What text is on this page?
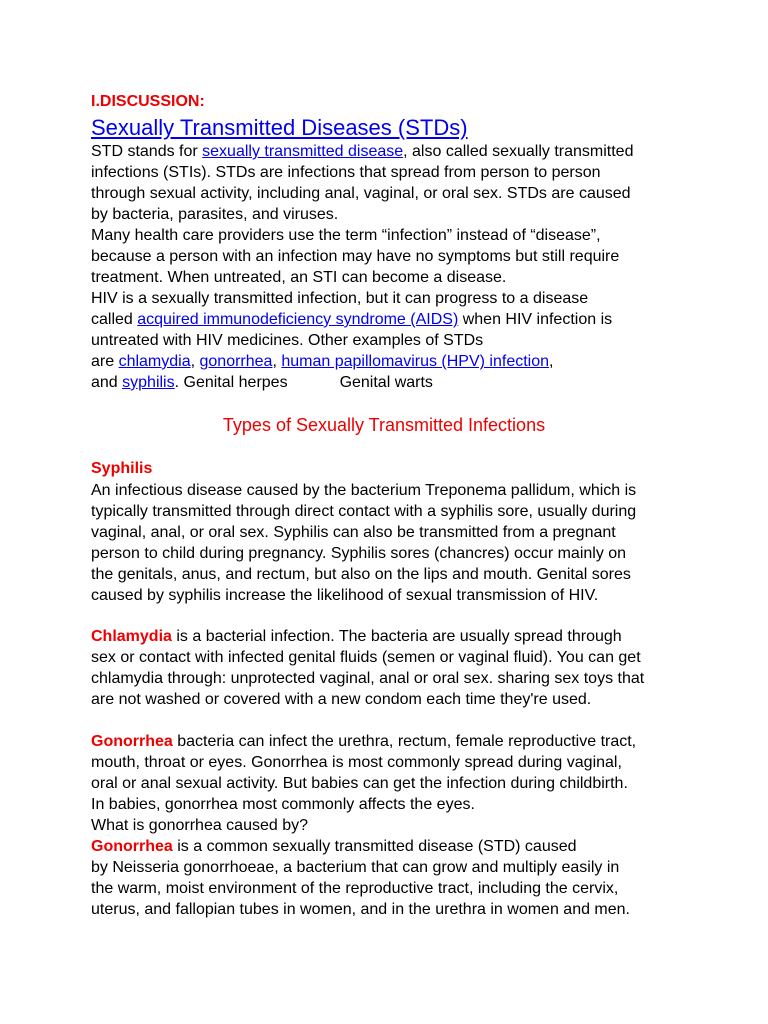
I.DISCUSSION:
Sexually Transmitted Diseases (STDs)
STD stands for sexually transmitted disease, also called sexually transmitted
infections (STIs). STDs are infections that spread from person to person
through sexual activity, including anal, vaginal, or oral sex. STDs are caused
by bacteria, parasites, and viruses.
Many health care providers use the term “infection” instead of “disease”,
because a person with an infection may have no symptoms but still require
treatment. When untreated, an STI can become a disease.
HIV is a sexually transmitted infection, but it can progress to a disease
called acquired immunodeficiency syndrome (AIDS) when HIV infection is
untreated with HIV medicines. Other examples of STDs
are chlamydia, gonorrhea, human papillomavirus (HPV) infection,
and syphilis. Genital herpes	Genital warts
Types of Sexually Transmitted Infections
Syphilis
An infectious disease caused by the bacterium Treponema pallidum, which is
typically transmitted through direct contact with a syphilis sore, usually during
vaginal, anal, or oral sex. Syphilis can also be transmitted from a pregnant
person to child during pregnancy. Syphilis sores (chancres) occur mainly on
the genitals, anus, and rectum, but also on the lips and mouth. Genital sores
caused by syphilis increase the likelihood of sexual transmission of HIV.
Chlamydia is a bacterial infection. The bacteria are usually spread through
sex or contact with infected genital fluids (semen or vaginal fluid). You can get
chlamydia through: unprotected vaginal, anal or oral sex. sharing sex toys that
are not washed or covered with a new condom each time they're used.
Gonorrhea bacteria can infect the urethra, rectum, female reproductive tract,
mouth, throat or eyes. Gonorrhea is most commonly spread during vaginal,
oral or anal sexual activity. But babies can get the infection during childbirth.
In babies, gonorrhea most commonly affects the eyes.
What is gonorrhea caused by?
Gonorrhea is a common sexually transmitted disease (STD) caused
by Neisseria gonorrhoeae, a bacterium that can grow and multiply easily in
the warm, moist environment of the reproductive tract, including the cervix,
uterus, and fallopian tubes in women, and in the urethra in women and men.
